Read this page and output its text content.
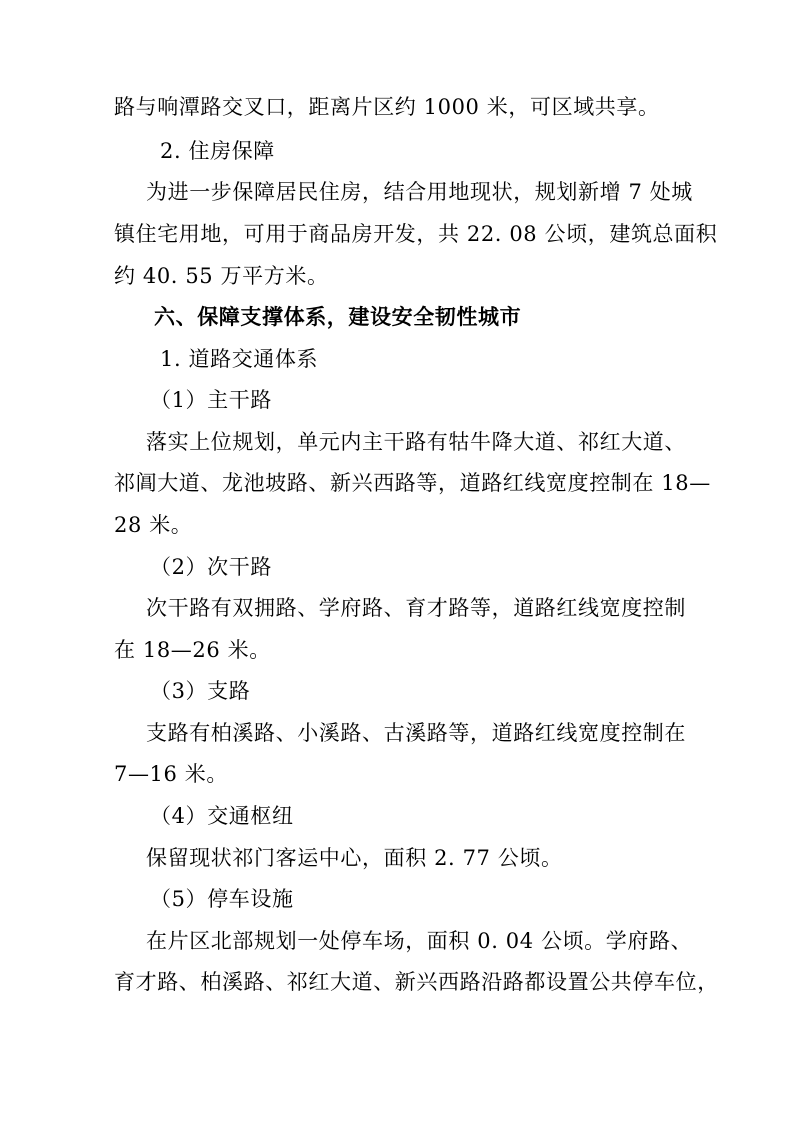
路与响潭路交叉口，距离片区约 1000 米，可区域共享。
2. 住房保障
为进一步保障居民住房，结合用地现状，规划新增 7 处城
镇住宅用地，可用于商品房开发，共 22. 08 公顷，建筑总面积
约 40. 55 万平方米。
六、保障支撑体系，建设安全韧性城市
1. 道路交通体系
（1）主干路
落实上位规划，单元内主干路有牯牛降大道、祁红大道、
祁阊大道、龙池坡路、新兴西路等，道路红线宽度控制在 18—
28 米。
（2）次干路
次干路有双拥路、学府路、育才路等，道路红线宽度控制
在 18—26 米。
（3）支路
支路有柏溪路、小溪路、古溪路等，道路红线宽度控制在
7—16 米。
（4）交通枢纽
保留现状祁门客运中心，面积 2. 77 公顷。
（5）停车设施
在片区北部规划一处停车场，面积 0. 04 公顷。学府路、
育才路、柏溪路、祁红大道、新兴西路沿路都设置公共停车位，
